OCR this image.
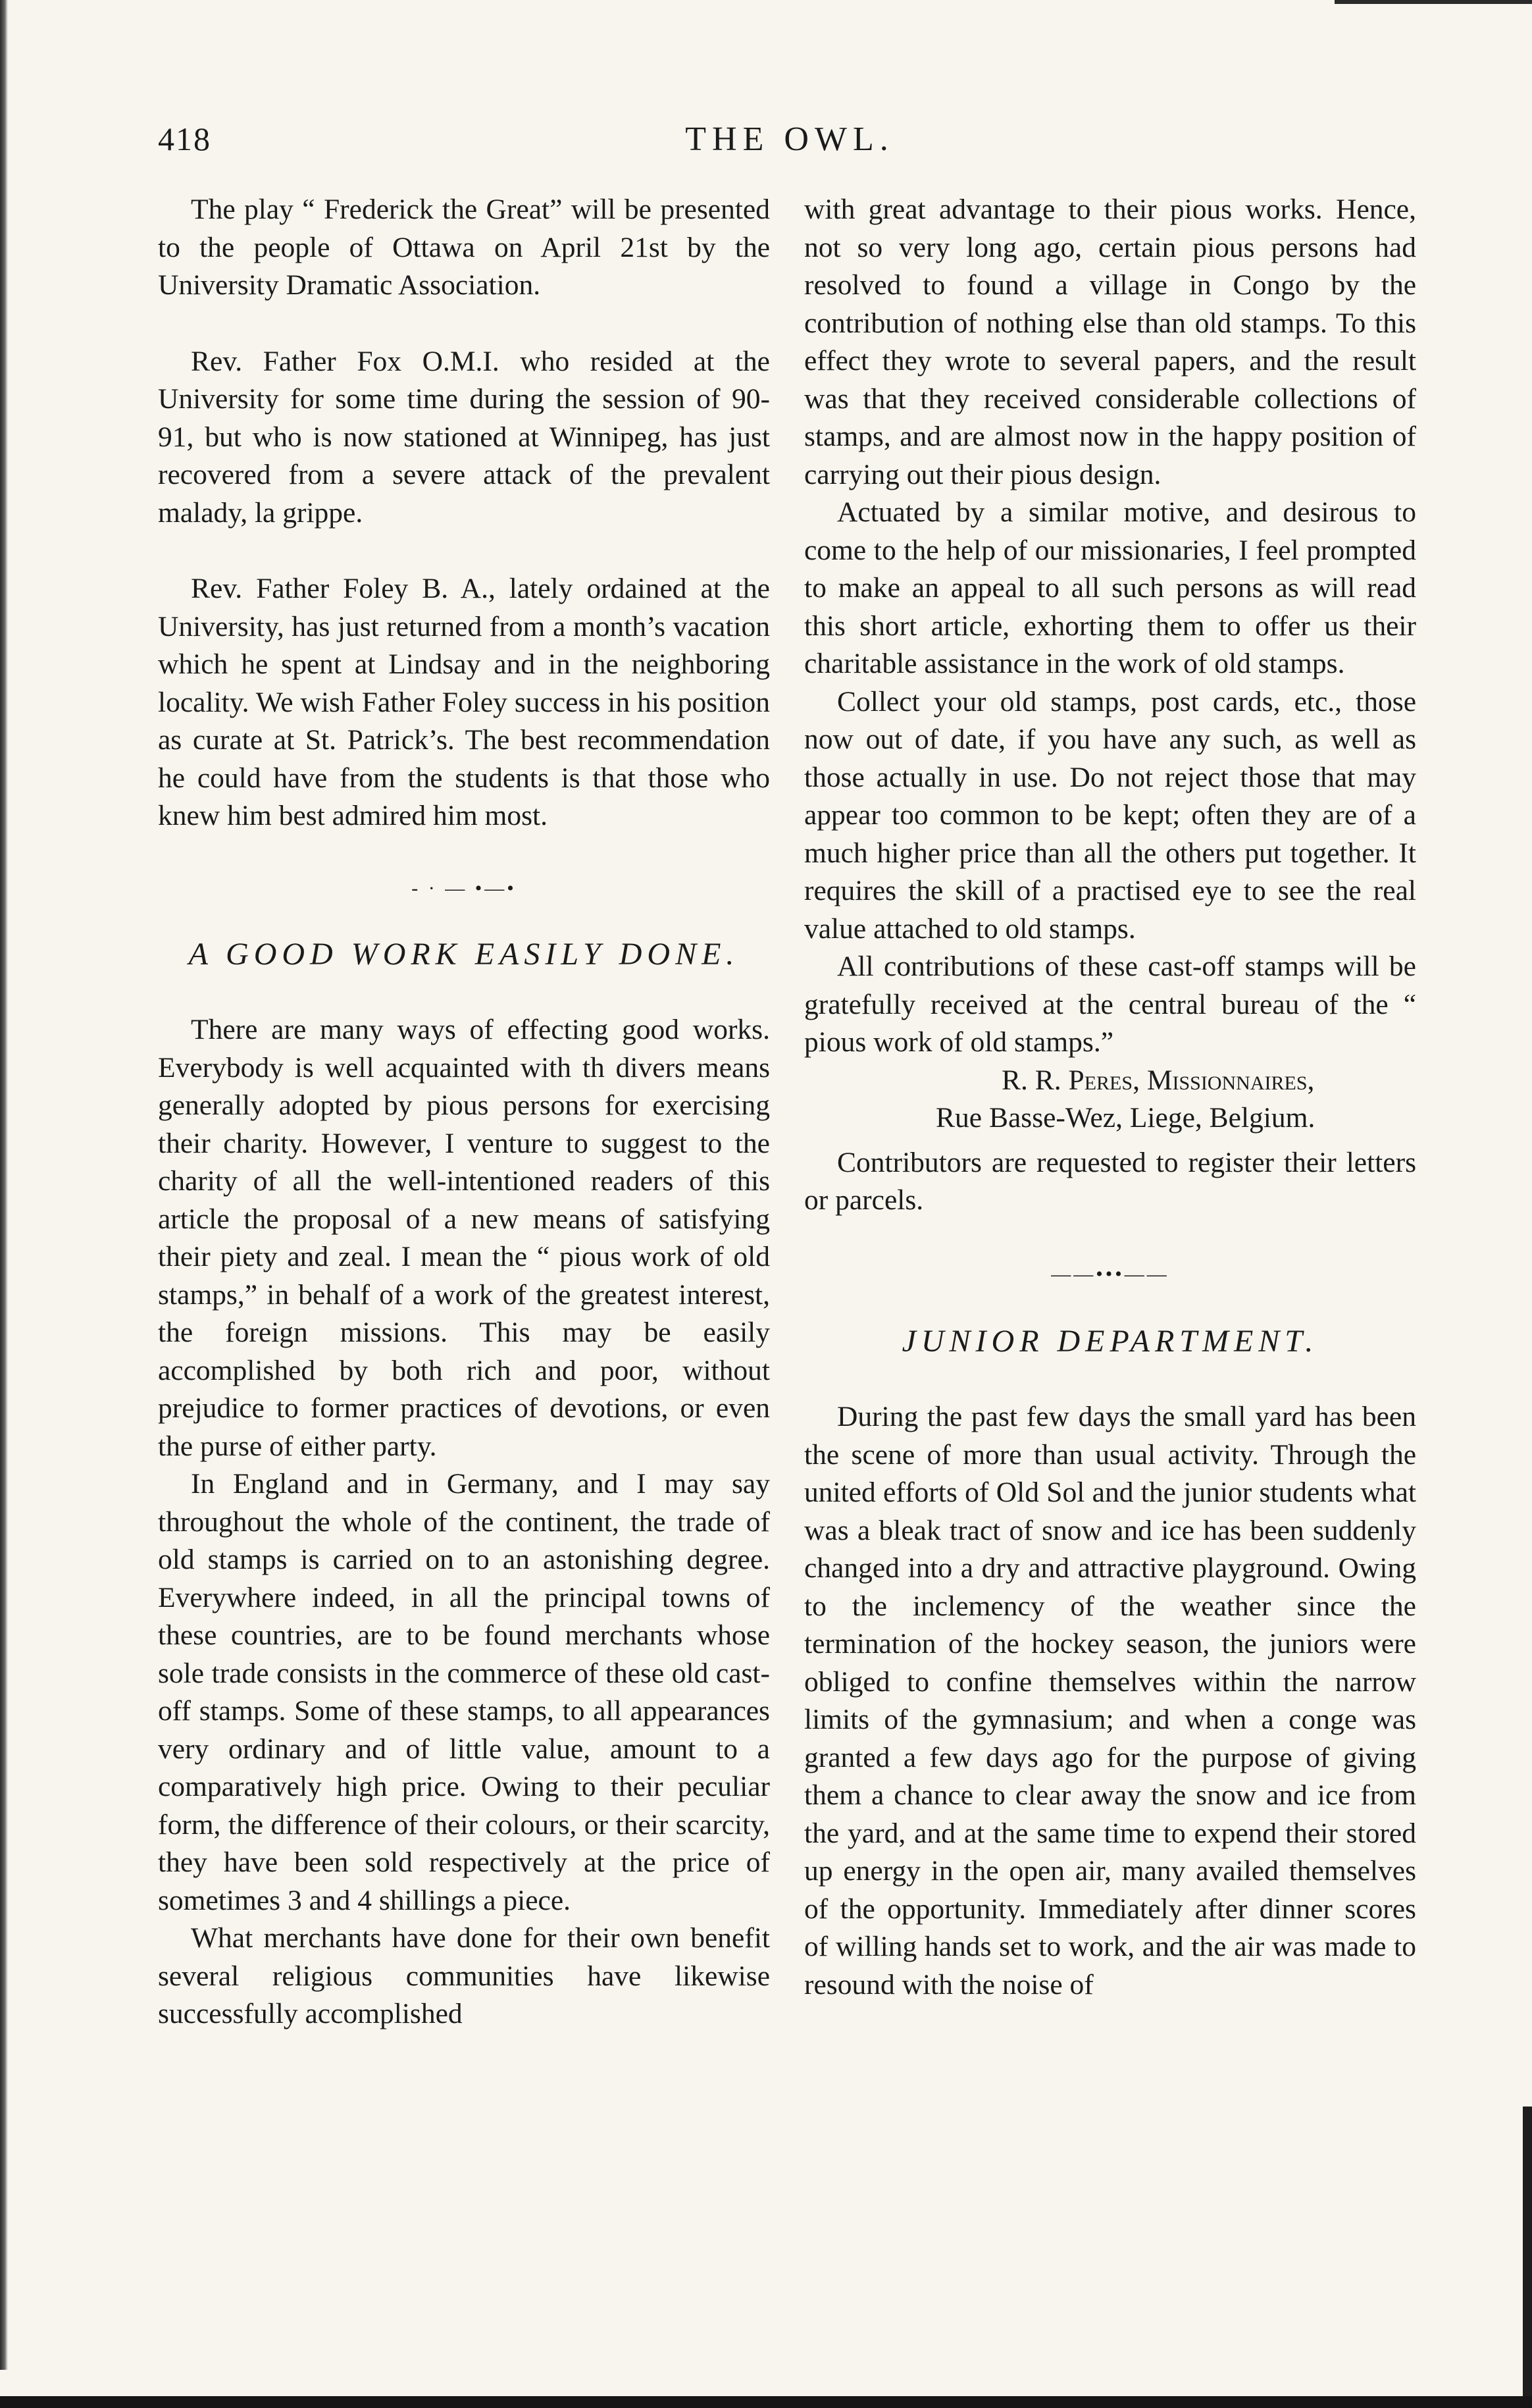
418	THE OWL.

The play “ Frederick the Great” will be presented to the people of Ottawa on April 21st by the University Dramatic Association.

Rev. Father Fox O.M.I. who resided at the University for some time during the session of 90-91, but who is now stationed at Winnipeg, has just recovered from a severe attack of the prevalent malady, la grippe.

Rev. Father Foley B. A., lately ordained at the University, has just returned from a month’s vacation which he spent at Lindsay and in the neighboring locality. We wish Father Foley success in his position as curate at St. Patrick’s. The best recommendation he could have from the students is that those who knew him best admired him most.

- · — •—•
A GOOD WORK EASILY DONE.

There are many ways of effecting good works. Everybody is well acquainted with th divers means generally adopted by pious persons for exercising their charity. However, I venture to suggest to the charity of all the well-intentioned readers of this article the proposal of a new means of satisfying their piety and zeal. I mean the “ pious work of old stamps,” in behalf of a work of the greatest interest, the foreign missions. This may be easily accomplished by both rich and poor, without prejudice to former practices of devotions, or even the purse of either party.

In England and in Germany, and I may say throughout the whole of the continent, the trade of old stamps is carried on to an astonishing degree. Everywhere indeed, in all the principal towns of these countries, are to be found merchants whose sole trade consists in the commerce of these old cast-off stamps. Some of these stamps, to all appearances very ordinary and of little value, amount to a comparatively high price. Owing to their peculiar form, the difference of their colours, or their scarcity, they have been sold respectively at the price of sometimes 3 and 4 shillings a piece.

What merchants have done for their own benefit several religious communities have likewise successfully accomplished

with great advantage to their pious works. Hence, not so very long ago, certain pious persons had resolved to found a village in Congo by the contribution of nothing else than old stamps. To this effect they wrote to several papers, and the result was that they received considerable collections of stamps, and are almost now in the happy position of carrying out their pious design.

Actuated by a similar motive, and desirous to come to the help of our missionaries, I feel prompted to make an appeal to all such persons as will read this short article, exhorting them to offer us their charitable assistance in the work of old stamps.

Collect your old stamps, post cards, etc., those now out of date, if you have any such, as well as those actually in use. Do not reject those that may appear too common to be kept; often they are of a much higher price than all the others put together. It requires the skill of a practised eye to see the real value attached to old stamps.

All contributions of these cast-off stamps will be gratefully received at the central bureau of the “ pious work of old stamps.”

R. R. Peres, Missionnaires,

Rue Basse-Wez, Liege, Belgium.

Contributors are requested to register their letters or parcels.

——•••——
JUNIOR DEPARTMENT.

During the past few days the small yard has been the scene of more than usual activity. Through the united efforts of Old Sol and the junior students what was a bleak tract of snow and ice has been suddenly changed into a dry and attractive playground. Owing to the inclemency of the weather since the termination of the hockey season, the juniors were obliged to confine themselves within the narrow limits of the gymnasium; and when a conge was granted a few days ago for the purpose of giving them a chance to clear away the snow and ice from the yard, and at the same time to expend their stored up energy in the open air, many availed themselves of the opportunity. Immediately after dinner scores of willing hands set to work, and the air was made to resound with the noise of
